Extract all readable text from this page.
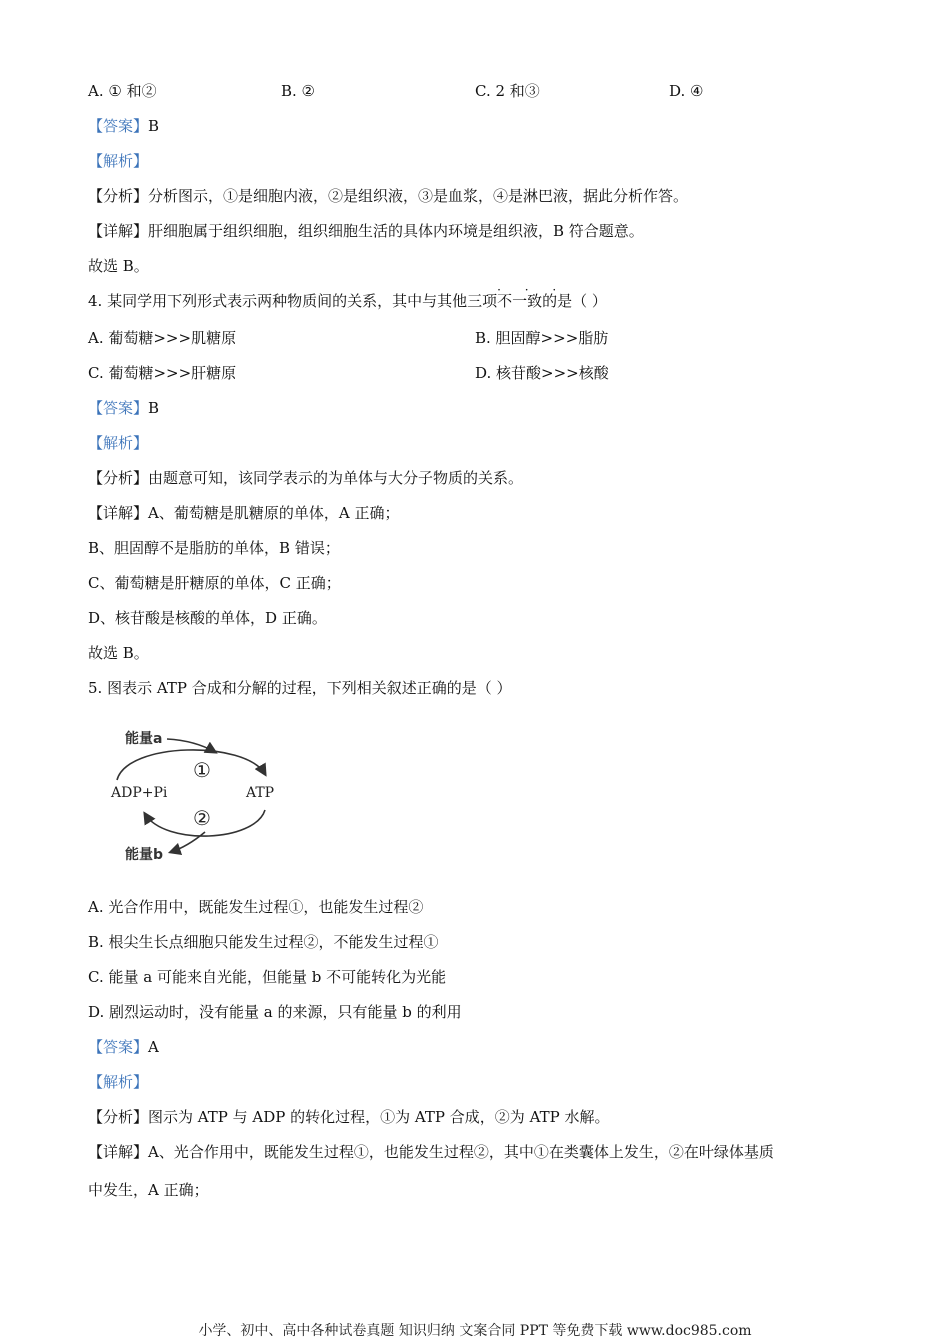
A. ① 和②	B. ②	C. 2 和③	D. ④
【答案】B
【解析】
【分析】分析图示，①是细胞内液，②是组织液，③是血浆，④是淋巴液，据此分析作答。
【详解】肝细胞属于组织细胞，组织细胞生活的具体内环境是组织液，B 符合题意。
故选 B。
4. 某同学用下列形式表示两种物质间的关系，其中与其他三项
· · ·
不一致的是（ ）
A. 葡萄糖>>>肌糖原	B. 胆固醇>>>脂肪
C. 葡萄糖>>>肝糖原	D. 核苷酸>>>核酸
【答案】B
【解析】
【分析】由题意可知，该同学表示的为单体与大分子物质的关系。
【详解】A、葡萄糖是肌糖原的单体，A 正确；
B、胆固醇不是脂肪的单体，B 错误；
C、葡萄糖是肝糖原的单体，C 正确；
D、核苷酸是核酸的单体，D 正确。
故选 B。
5. 图表示 ATP 合成和分解的过程，下列相关叙述正确的是（ ）
能量a
ADP+Pi	ATP
①
②
能量b
A. 光合作用中，既能发生过程①，也能发生过程②
B. 根尖生长点细胞只能发生过程②，不能发生过程①
C. 能量 a 可能来自光能，但能量 b 不可能转化为光能
D. 剧烈运动时，没有能量 a 的来源，只有能量 b 的利用
【答案】A
【解析】
【分析】图示为 ATP 与 ADP 的转化过程，①为 ATP 合成，②为 ATP 水解。
【详解】A、光合作用中，既能发生过程①，也能发生过程②，其中①在类囊体上发生，②在叶绿体基质
中发生，A 正确；
小学、初中、高中各种试卷真题 知识归纳 文案合同 PPT 等免费下载 www.doc985.com
